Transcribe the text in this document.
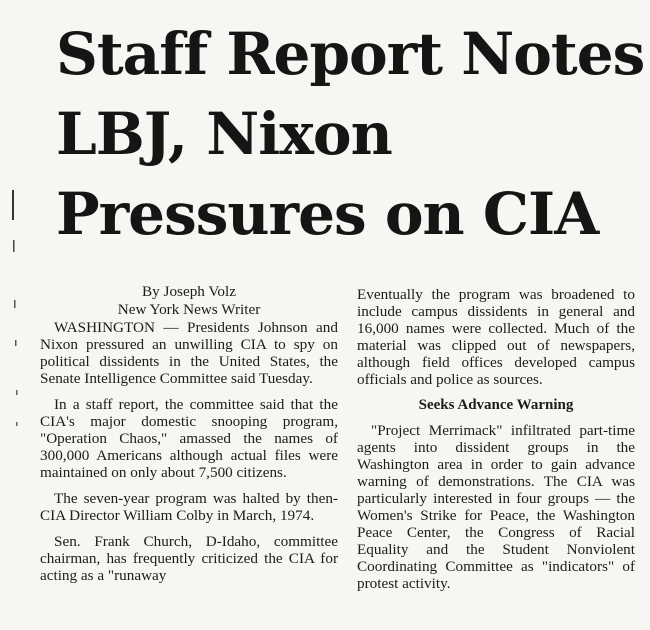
Staff Report Notes
LBJ, Nixon
Pressures on CIA
By Joseph Volz
New York News Writer

WASHINGTON — Presidents Johnson and Nixon pressured an unwilling CIA to spy on political dissidents in the United States, the Senate Intelligence Committee said Tuesday.

In a staff report, the committee said that the CIA's major domestic snooping program, "Operation Chaos," amassed the names of 300,000 Americans although actual files were maintained on only about 7,500 citizens.

The seven-year program was halted by then-CIA Director William Colby in March, 1974.

Sen. Frank Church, D-Idaho, committee chairman, has frequently criticized the CIA for acting as a "runaway

Eventually the program was broadened to include campus dissidents in general and 16,000 names were collected. Much of the material was clipped out of newspapers, although field offices developed campus officials and police as sources.

Seeks Advance Warning

"Project Merrimack" infiltrated part-time agents into dissident groups in the Washington area in order to gain advance warning of demonstrations. The CIA was particularly interested in four groups — the Women's Strike for Peace, the Washington Peace Center, the Congress of Racial Equality and the Student Nonviolent Coordinating Committee as "indicators" of protest activity.
